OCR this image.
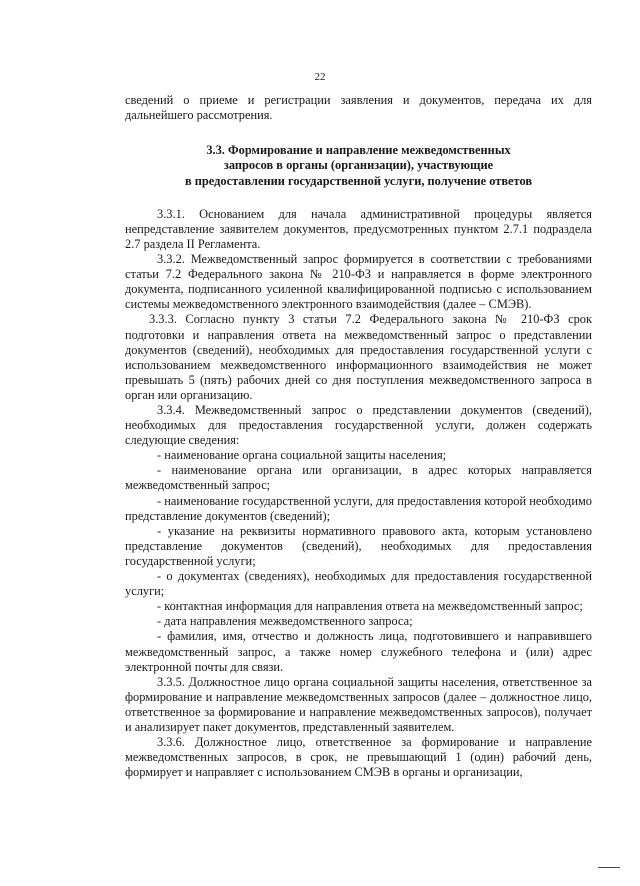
22

сведений о приеме и регистрации заявления и документов, передача их для дальнейшего рассмотрения.

3.3. Формирование и направление межведомственных
запросов в органы (организации), участвующие
в предоставлении государственной услуги, получение ответов

3.3.1. Основанием для начала административной процедуры является непредставление заявителем документов, предусмотренных пунктом 2.7.1 подраздела 2.7 раздела II Регламента.

3.3.2. Межведомственный запрос формируется в соответствии с требованиями статьи 7.2 Федерального закона № 210-ФЗ и направляется в форме электронного документа, подписанного усиленной квалифицированной подписью с использованием системы межведомственного электронного взаимодействия (далее – СМЭВ).

3.3.3. Согласно пункту 3 статьи 7.2 Федерального закона № 210-ФЗ срок подготовки и направления ответа на межведомственный запрос о представлении документов (сведений), необходимых для предоставления государственной услуги с использованием межведомственного информационного взаимодействия не может превышать 5 (пять) рабочих дней со дня поступления межведомственного запроса в орган или организацию.

3.3.4. Межведомственный запрос о представлении документов (сведений), необходимых для предоставления государственной услуги, должен содержать следующие сведения:

- наименование органа социальной защиты населения;

- наименование органа или организации, в адрес которых направляется межведомственный запрос;

- наименование государственной услуги, для предоставления которой необходимо представление документов (сведений);

- указание на реквизиты нормативного правового акта, которым установлено представление документов (сведений), необходимых для предоставления государственной услуги;

- о документах (сведениях), необходимых для предоставления государственной услуги;

- контактная информация для направления ответа на межведомственный запрос;

- дата направления межведомственного запроса;

- фамилия, имя, отчество и должность лица, подготовившего и направившего межведомственный запрос, а также номер служебного телефона и (или) адрес электронной почты для связи.

3.3.5. Должностное лицо органа социальной защиты населения, ответственное за формирование и направление межведомственных запросов (далее – должностное лицо, ответственное за формирование и направление межведомственных запросов), получает и анализирует пакет документов, представленный заявителем.

3.3.6. Должностное лицо, ответственное за формирование и направление межведомственных запросов, в срок, не превышающий 1 (один) рабочий день, формирует и направляет с использованием СМЭВ в органы и организации,
